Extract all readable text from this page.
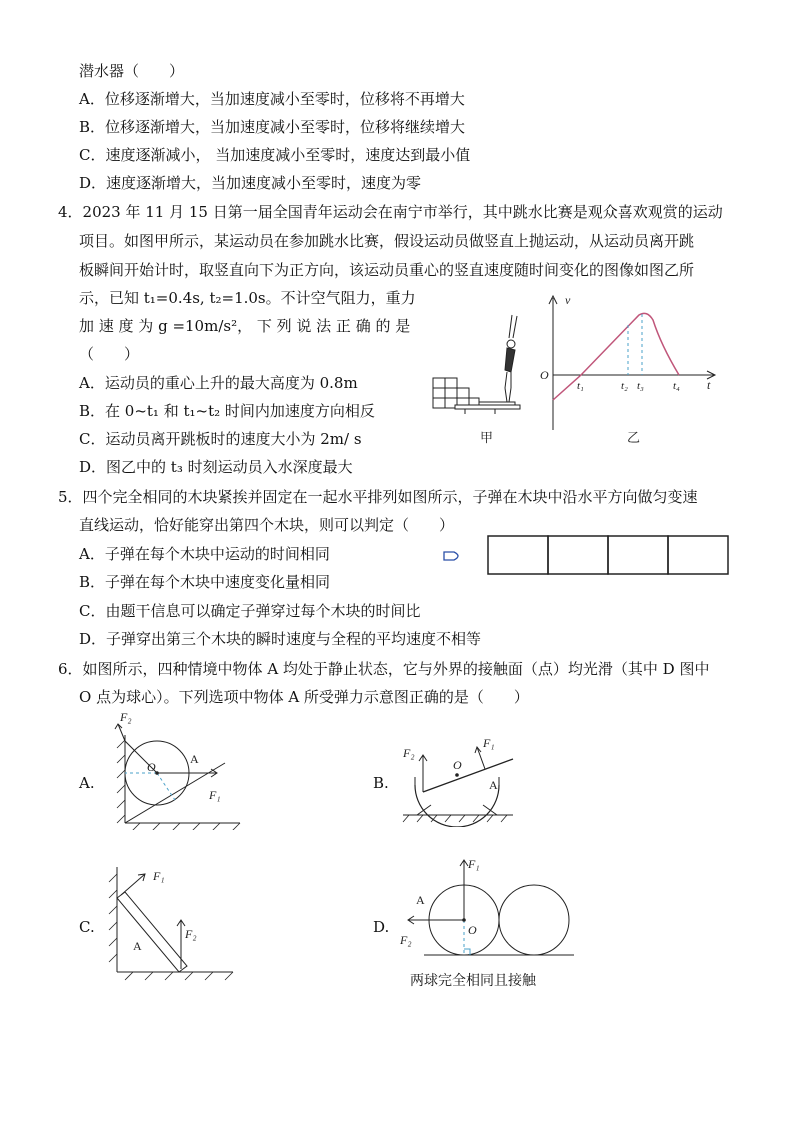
潜水器（　　）
A．位移逐渐增大，当加速度减小至零时，位移将不再增大
B．位移逐渐增大，当加速度减小至零时，位移将继续增大
C．速度逐渐减小， 当加速度减小至零时，速度达到最小值
D．速度逐渐增大，当加速度减小至零时，速度为零
4．2023 年 11 月 15 日第一届全国青年运动会在南宁市举行，其中跳水比赛是观众喜欢观赏的运动
项目。如图甲所示，某运动员在参加跳水比赛，假设运动员做竖直上抛运动，从运动员离开跳
板瞬间开始计时，取竖直向下为正方向，该运动员重心的竖直速度随时间变化的图像如图乙所
示，已知 t₁=0.4s, t₂=1.0s。不计空气阻力，重力
加 速 度 为 g =10m/s²， 下 列 说 法 正 确 的 是
（　　）
A．运动员的重心上升的最大高度为 0.8m
B．在 0~t₁ 和 t₁~t₂ 时间内加速度方向相反
C．运动员离开跳板时的速度大小为 2m/ s
D．图乙中的 t₃ 时刻运动员入水深度最大
甲
v
t
O
t₁	t₂ t₃	t₄
乙
5．四个完全相同的木块紧挨并固定在一起水平排列如图所示，子弹在木块中沿水平方向做匀变速
直线运动，恰好能穿出第四个木块，则可以判定（　　）
A．子弹在每个木块中运动的时间相同
B．子弹在每个木块中速度变化量相同
C．由题干信息可以确定子弹穿过每个木块的时间比
D．子弹穿出第三个木块的瞬时速度与全程的平均速度不相等
6．如图所示，四种情境中物体 A 均处于静止状态，它与外界的接触面（点）均光滑（其中 D 图中
O 点为球心）。下列选项中物体 A 所受弹力示意图正确的是（　　）
A.	B.
C.	D.
F₂
O
A
F₁
F₂
O
F₁
A
F₁
A
F₂
F₁
A
O
F₂
两球完全相同且接触
